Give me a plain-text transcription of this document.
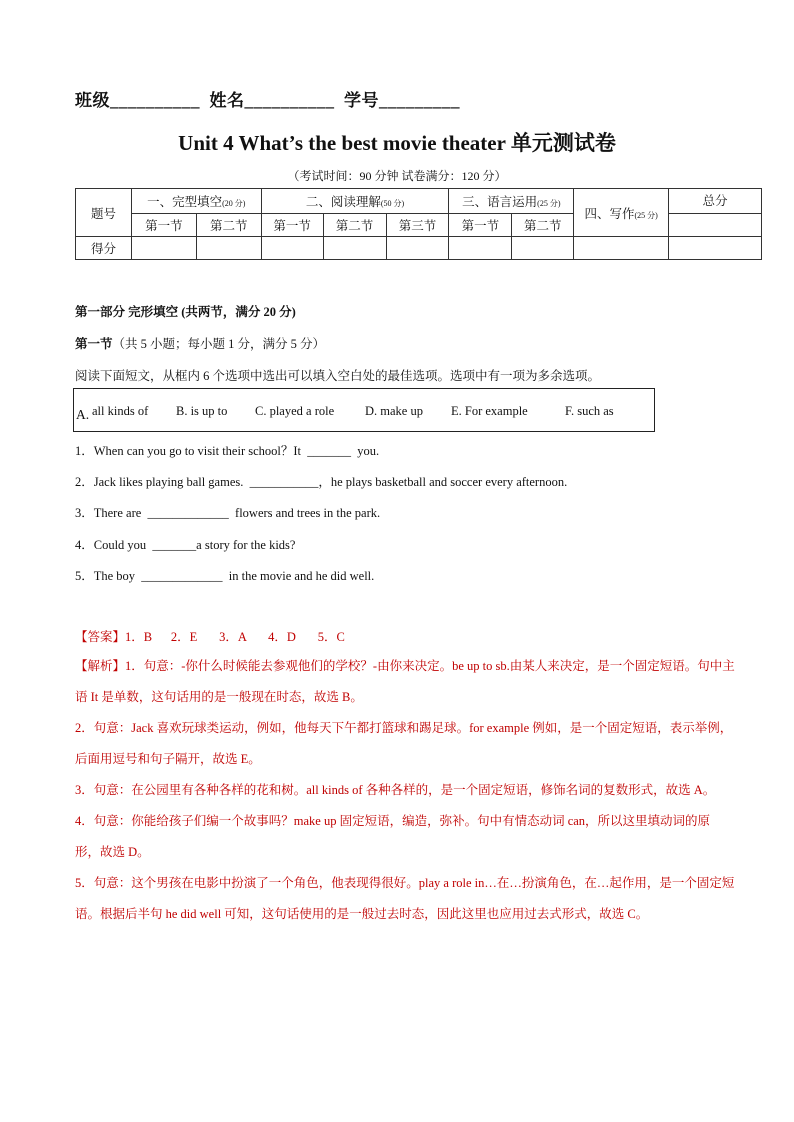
班级__________ 姓名__________ 学号_________
Unit 4 What’s the best movie theater 单元测试卷
（考试时间：90 分钟 试卷满分：120 分）
题号	一、完型填空(20 分)		二、阅读理解(50 分)			三、语言运用(25 分)		四、写作(25 分)	总分
	第一节	第二节	第一节	第二节	第三节	第一节	第二节		
得分									
第一部分 完形填空 (共两节，满分 20 分)
第一节（共 5 小题；每小题 1 分，满分 5 分）
阅读下面短文，从框内 6 个选项中选出可以填入空白处的最佳选项。选项中有一项为多余选项。
A. all kinds of B. is up to C. played a role D. make up E. For example	F. such as
1．When can you go to visit their school？It  _______  you.
2．Jack likes playing ball games.  ___________，he plays basketball and soccer every afternoon.
3．There are  _____________  flowers and trees in the park.
4．Could you  _______a story for the kids?
5．The boy  _____________  in the movie and he did well.
【答案】1．B      2．E       3．A       4．D       5．C
【解析】1．句意：-你什么时候能去参观他们的学校？-由你来决定。be up to sb.由某人来决定，是一个固定短语。句中主语 It 是单数，这句话用的是一般现在时态，故选 B。
2．句意：Jack 喜欢玩球类运动，例如，他每天下午都打篮球和踢足球。for example 例如，是一个固定短语，表示举例，后面用逗号和句子隔开，故选 E。
3．句意：在公园里有各种各样的花和树。all kinds of 各种各样的，是一个固定短语，修饰名词的复数形式，故选 A。
4．句意：你能给孩子们编一个故事吗？make up 固定短语，编造，弥补。句中有情态动词 can，所以这里填动词的原形，故选 D。
5．句意：这个男孩在电影中扮演了一个角色，他表现得很好。play a role in…在…扮演角色，在…起作用，是一个固定短语。根据后半句 he did well 可知，这句话使用的是一般过去时态，因此这里也应用过去式形式，故选 C。
